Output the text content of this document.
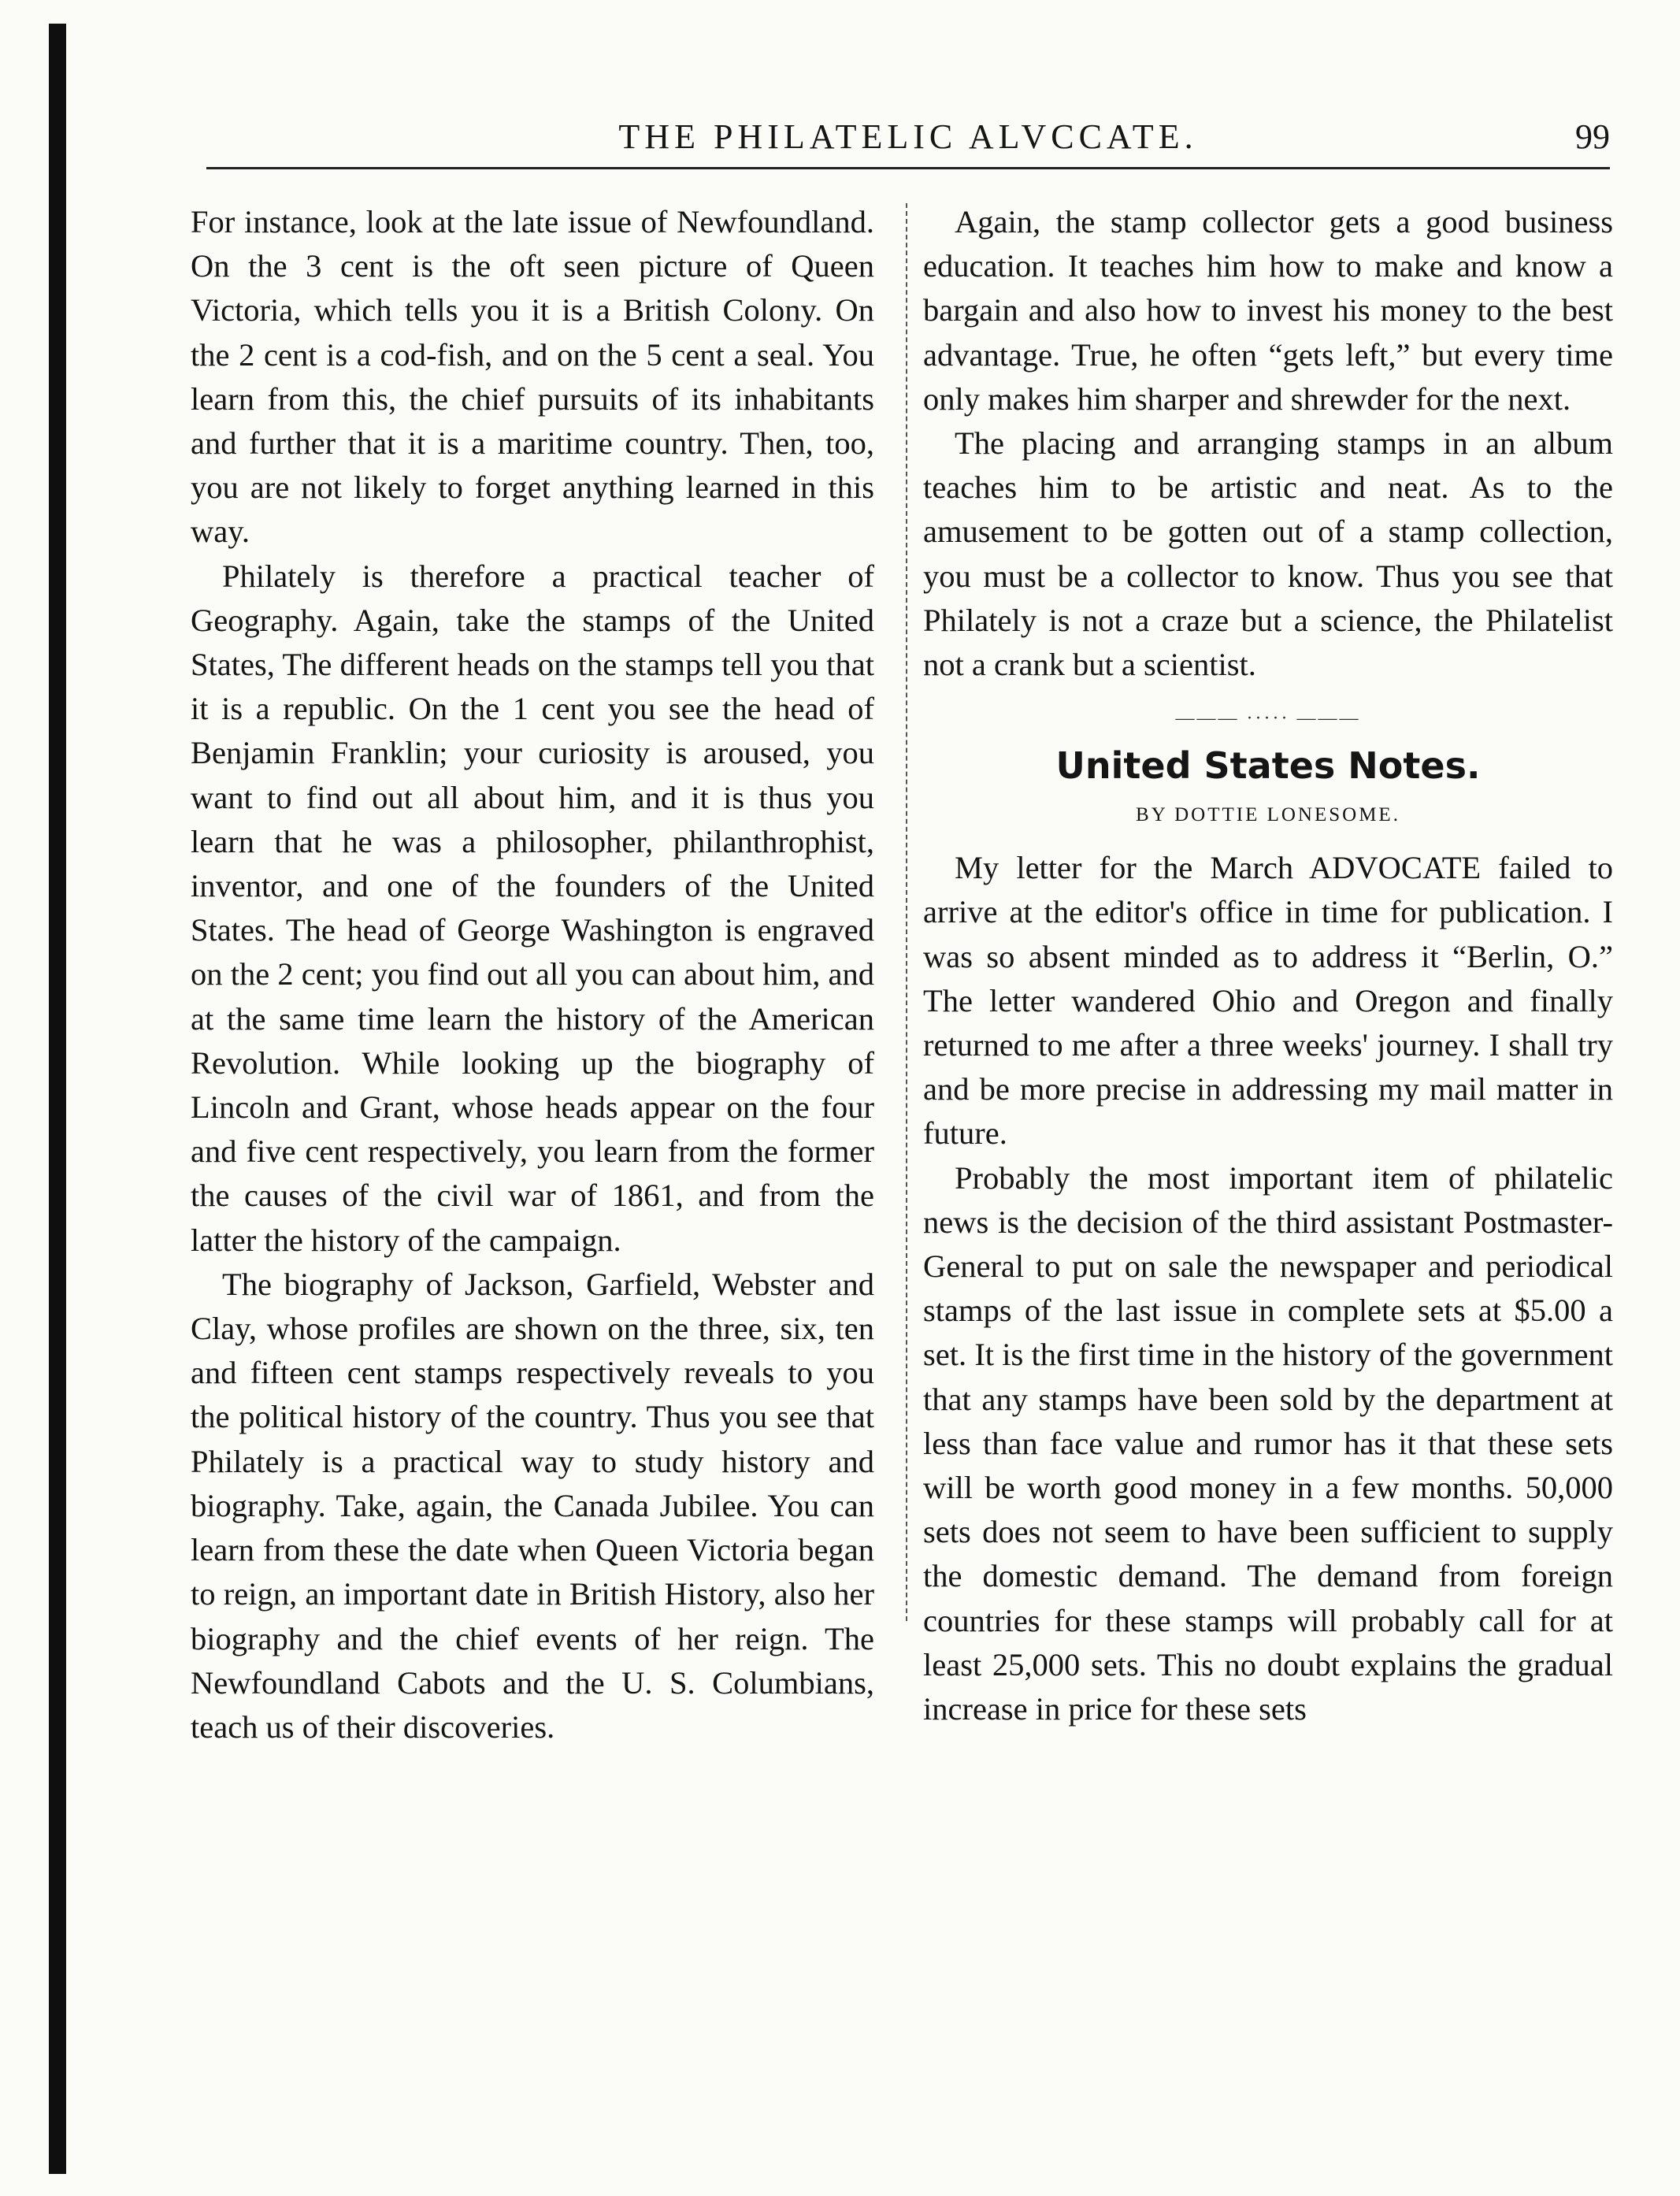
THE PHILATELIC ALVCCATE.	99

For instance, look at the late issue of Newfoundland. On the 3 cent is the oft seen picture of Queen Victoria, which tells you it is a British Colony. On the 2 cent is a cod-fish, and on the 5 cent a seal. You learn from this, the chief pursuits of its inhabitants and further that it is a maritime country. Then, too, you are not likely to forget anything learned in this way.

Philately is therefore a practical teacher of Geography. Again, take the stamps of the United States, The different heads on the stamps tell you that it is a republic. On the 1 cent you see the head of Benjamin Franklin; your curiosity is aroused, you want to find out all about him, and it is thus you learn that he was a philosopher, philanthrophist, inventor, and one of the founders of the United States. The head of George Washington is engraved on the 2 cent; you find out all you can about him, and at the same time learn the history of the American Revolution. While looking up the biography of Lincoln and Grant, whose heads appear on the four and five cent respectively, you learn from the former the causes of the civil war of 1861, and from the latter the history of the campaign.

The biography of Jackson, Garfield, Webster and Clay, whose profiles are shown on the three, six, ten and fifteen cent stamps respectively reveals to you the political history of the country. Thus you see that Philately is a practical way to study history and biography. Take, again, the Canada Jubilee. You can learn from these the date when Queen Victoria began to reign, an important date in British History, also her biography and the chief events of her reign. The Newfoundland Cabots and the U. S. Columbians, teach us of their discoveries.

Again, the stamp collector gets a good business education. It teaches him how to make and know a bargain and also how to invest his money to the best advantage. True, he often “gets left,” but every time only makes him sharper and shrewder for the next.

The placing and arranging stamps in an album teaches him to be artistic and neat. As to the amusement to be gotten out of a stamp collection, you must be a collector to know. Thus you see that Philately is not a craze but a science, the Philatelist not a crank but a scientist.

——— ····· ———
United States Notes.
BY DOTTIE LONESOME.

My letter for the March ADVOCATE failed to arrive at the editor's office in time for publication. I was so absent minded as to address it “Berlin, O.” The letter wandered Ohio and Oregon and finally returned to me after a three weeks' journey. I shall try and be more precise in addressing my mail matter in future.

Probably the most important item of philatelic news is the decision of the third assistant Postmaster-General to put on sale the newspaper and periodical stamps of the last issue in complete sets at $5.00 a set. It is the first time in the history of the government that any stamps have been sold by the department at less than face value and rumor has it that these sets will be worth good money in a few months. 50,000 sets does not seem to have been sufficient to supply the domestic demand. The demand from foreign countries for these stamps will probably call for at least 25,000 sets. This no doubt explains the gradual increase in price for these sets
